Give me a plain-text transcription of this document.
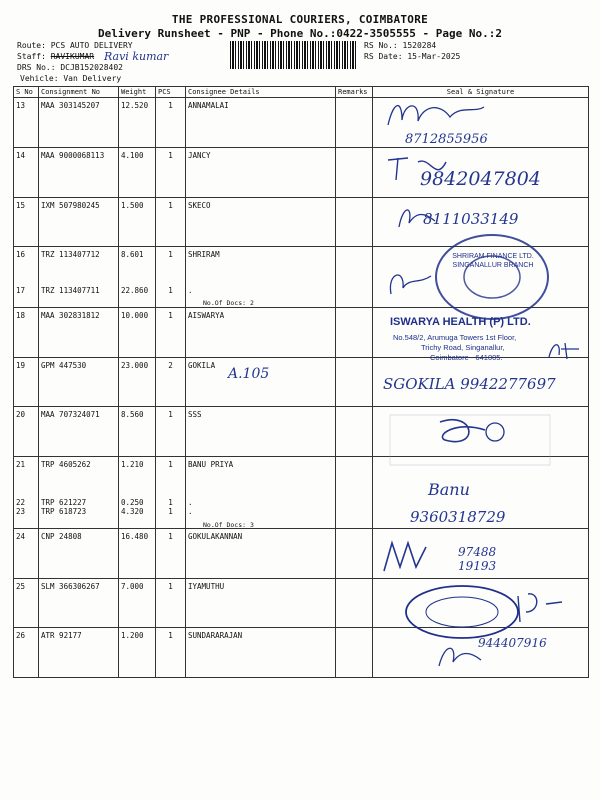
THE PROFESSIONAL COURIERS, COIMBATORE
Delivery Runsheet - PNP - Phone No.:0422-3505555 - Page No.:2
Route: PCS AUTO DELIVERY
Staff: RAVIKUMAR Ravi kumar
DRS No.: DCJB152028402
Vehicle: Van Delivery
RS No.: 1520284
RS Date: 15-Mar-2025
S No	Consignment No	Weight	PCS	Consignee Details	Remarks	Seal & Signature
13	MAA 303145207	12.520	1	ANNAMALAI		
14	MAA 9000068113	4.100	1	JANCY		
15	IXM 507980245	1.500	1	SKECO		
16	TRZ 113407712	8.601	1	SHRIRAM		
17	TRZ 113407711	22.860	1	.		
18	MAA 302831812	10.000	1	AISWARYA		
19	GPM 447530	23.000	2	GOKILA		
20	MAA 707324071	8.560	1	SSS		
21	TRP 4605262	1.210	1	BANU PRIYA		
22	TRP 621227	0.250	1	.		
23	TRP 618723	4.320	1	.		
24	CNP 24808	16.480	1	GOKULAKANNAN		
25	SLM 366306267	7.000	1	IYAMUTHU		
26	ATR 92177	1.200	1	SUNDARARAJAN		
No.Of Docs: 2
No.Of Docs: 3
8712855956
9842047804
8111033149
SHRIRAM FINANCE LTD. SINGANALLUR BRANCH
ISWARYA HEALTH (P) LTD.
No.548/2, Arumuga Towers 1st Floor,
Trichy Road, Singanallur,
Coimbatore - 641005.
A.105
SGOKILA 9942277697
Banu
9360318729
97488 19193
944407916
